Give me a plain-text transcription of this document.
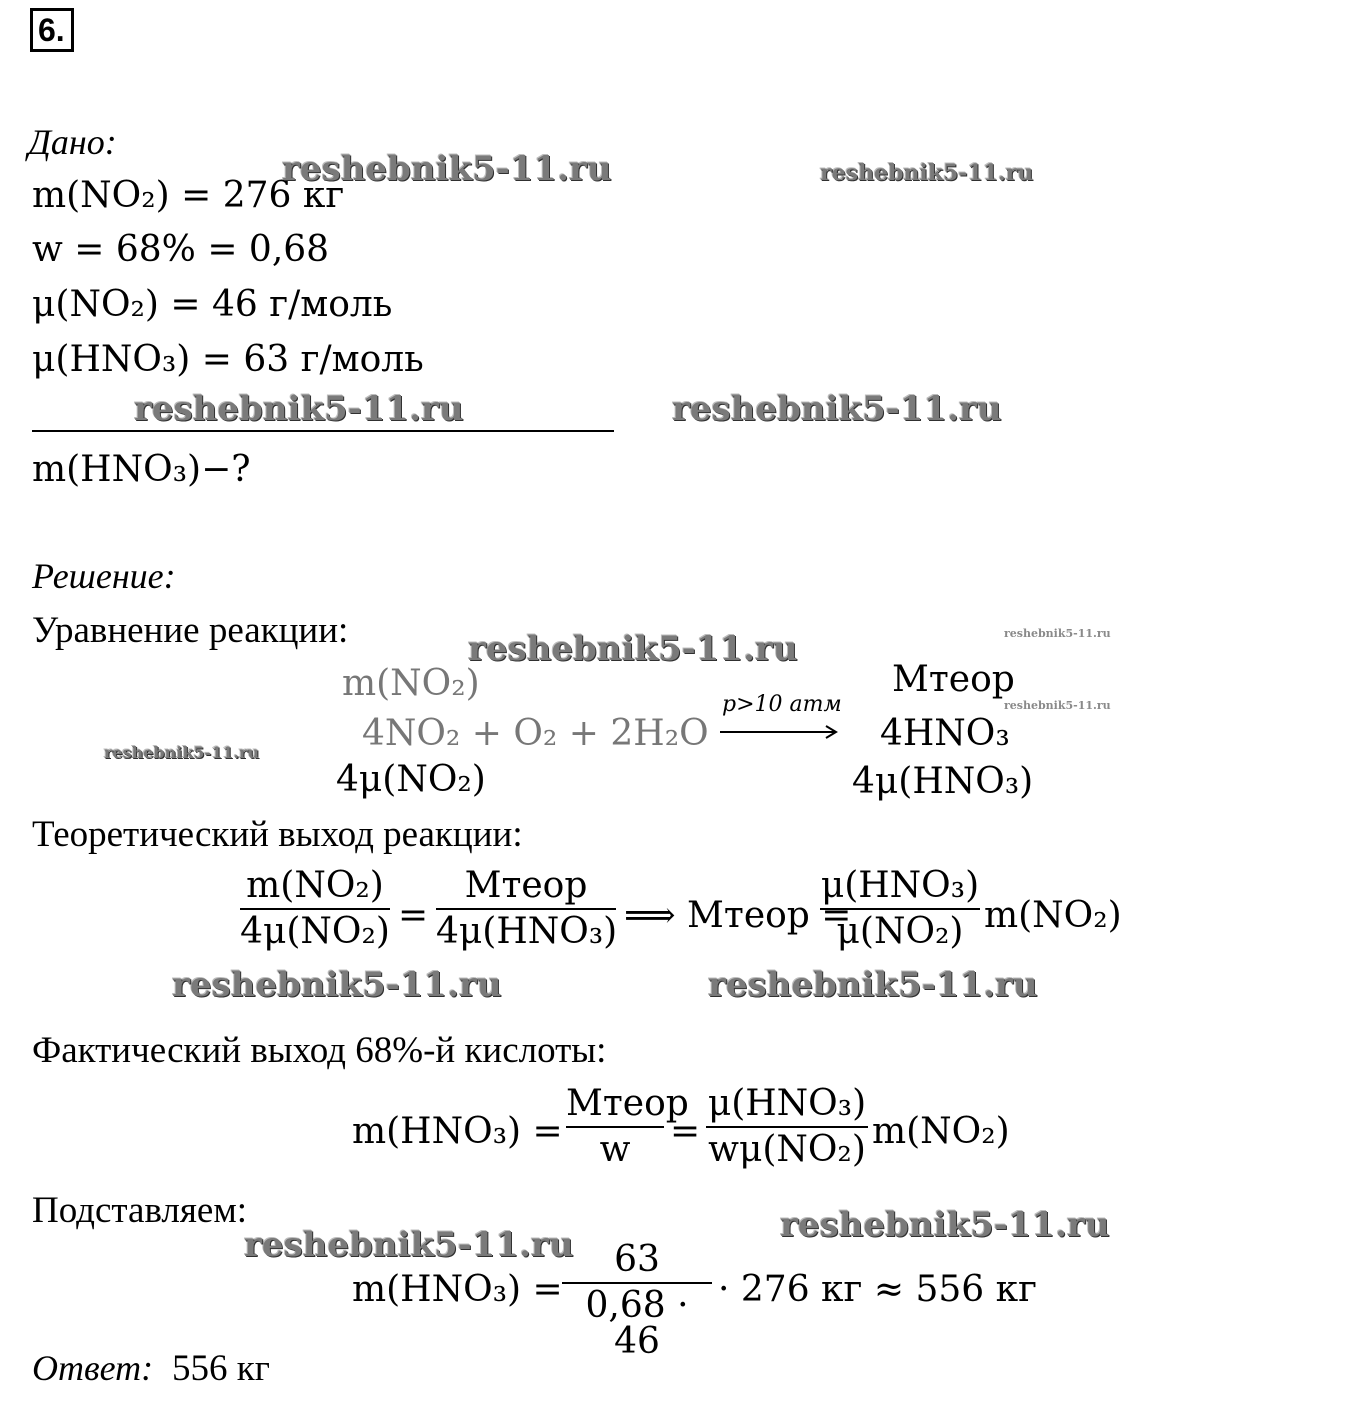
6.
Дано:
m(NO₂) = 276 кг
w = 68% = 0,68
μ(NO₂) = 46 г/моль
μ(HNO₃) = 63 г/моль
m(HNO₃)−?
Решение:
Уравнение реакции:
m(NO₂)	Mтеор
4NO₂ + O₂ + 2H₂O
p>10 атм
4HNO₃
4μ(NO₂)	4μ(HNO₃)
Теоретический выход реакции:
m(NO₂)
4μ(NO₂) =
Mтеор
4μ(HNO₃) ⟹ Mтеор =
μ(HNO₃)
μ(NO₂) m(NO₂)
Фактический выход 68%-й кислоты:
m(HNO₃) =
Mтеор
w	=
μ(HNO₃)
wμ(NO₂) m(NO₂)
Подставляем:
m(HNO₃) =
63
0,68 · 46
· 276 кг ≈ 556 кг
Ответ: 556 кг
reshebnik5-11.ru	reshebnik5-11.ru
reshebnik5-11.ru	reshebnik5-11.ru
reshebnik5-11.ru	reshebnik5-11.ru
reshebnik5-11.ru
reshebnik5-11.ru
reshebnik5-11.ru	reshebnik5-11.ru
reshebnik5-11.ru
reshebnik5-11.ru
